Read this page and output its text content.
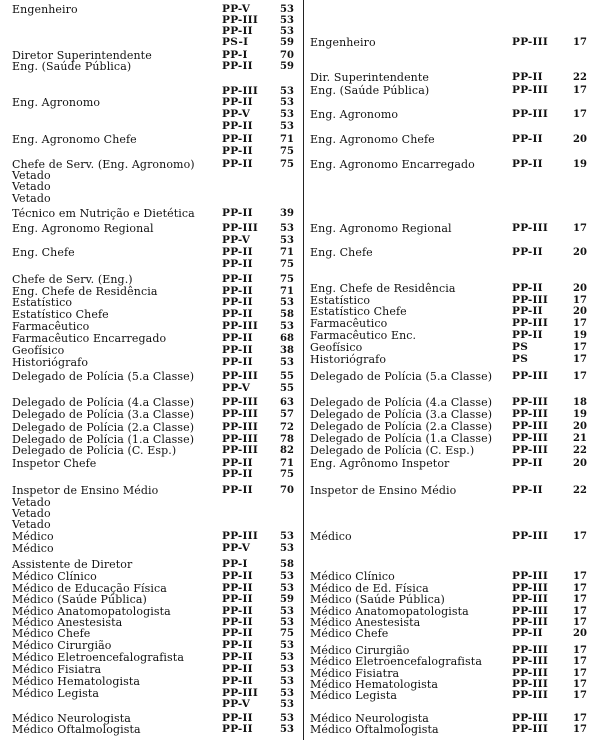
Engenheiro	PP-V	53
PP-III 53
PP-II	53
PS-I	59
Diretor Superintendente	PP-I	70
Eng. (Saúde Pública)	PP-II	59
PP-III 53
Eng. Agronomo	PP-II	53
PP-V	53
PP-II	53
Eng. Agronomo Chefe	PP-II	71
PP-II	75
Chefe de Serv. (Eng. Agronomo)	PP-II	75
Vetado
Vetado
Vetado
Técnico em Nutrição e Dietética	PP-II	39
Eng. Agronomo Regional	PP-III 53
PP-V	53
Eng. Chefe	PP-II	71
PP-II	75
Chefe de Serv. (Eng.)	PP-II	75
Eng. Chefe de Residência	PP-II	71
Estatístico	PP-II	53
Estatístico Chefe	PP-II	58
Farmacêutico	PP-III 53
Farmacêutico Encarregado	PP-II	68
Geofísico	PP-II	38
Historiógrafo	PP-II	53
Delegado de Polícia (5.a Classe)	PP-III 55
PP-V	55
Delegado de Polícia (4.a Classe)	PP-III 63
Delegado de Polícia (3.a Classe)	PP-III 57
Delegado de Polícia (2.a Classe)	PP-III 72
Delegado de Polícia (1.a Classe)	PP-III 78
Delegado de Polícia (C. Esp.)	PP-III 82
Inspetor Chefe	PP-II	71
PP-II	75
Inspetor de Ensino Médio	PP-II	70
Vetado
Vetado
Vetado
Médico	PP-III 53
Médico	PP-V	53
Assistente de Diretor	PP-I	58
Médico Clínico	PP-II	53
Médico de Educação Física	PP-II	53
Médico (Saúde Pública)	PP-II	59
Médico Anatomopatologista	PP-II	53
Médico Anestesista	PP-II	53
Médico Chefe	PP-II	75
Médico Cirurgião	PP-II	53
Médico Eletroencefalografista	PP-II	53
Médico Fisiatra	PP-II	53
Médico Hematologista	PP-II	53
Médico Legista	PP-III 53
PP-V	53
Médico Neurologista	PP-II	53
Médico Oftalmologista	PP-II	53
Engenheiro	PP-III 17
Dir. Superintendente	PP-II	22
Eng. (Saúde Pública)	PP-III 17
Eng. Agronomo	PP-III 17
Eng. Agronomo Chefe	PP-II	20
Eng. Agronomo Encarregado	PP-II	19
Eng. Agronomo Regional	PP-III 17
Eng. Chefe	PP-II	20
Eng. Chefe de Residência	PP-II	20
Estatístico	PP-III 17
Estatístico Chefe	PP-II	20
Farmacêutico	PP-III 17
Farmacêutico Enc.	PP-II	19
Geofísico	PS	17
Historiógrafo	PS	17
Delegado de Polícia (5.a Classe) PP-III 17
Delegado de Polícia (4.a Classe) PP-III 18
Delegado de Polícia (3.a Classe) PP-III 19
Delegado de Polícia (2.a Classe) PP-III 20
Delegado de Polícia (1.a Classe) PP-III 21
Delegado de Polícia (C. Esp.)	PP-III 22
Eng. Agrônomo Inspetor	PP-II	20
Inspetor de Ensino Médio	PP-II	22
Médico	PP-III 17
Médico Clínico	PP-III 17
Médico de Ed. Física	PP-III 17
Médico (Saúde Pública)	PP-III 17
Médico Anatomopatologista	PP-III 17
Médico Anestesista	PP-III 17
Médico Chefe	PP-II	20
Médico Cirurgião	PP-III 17
Médico Eletroencefalografista	PP-III 17
Médico Fisiatra	PP-III 17
Médico Hematologista	PP-III 17
Médico Legista	PP-III 17
Médico Neurologista	PP-III 17
Médico Oftalmologista	PP-III 17
